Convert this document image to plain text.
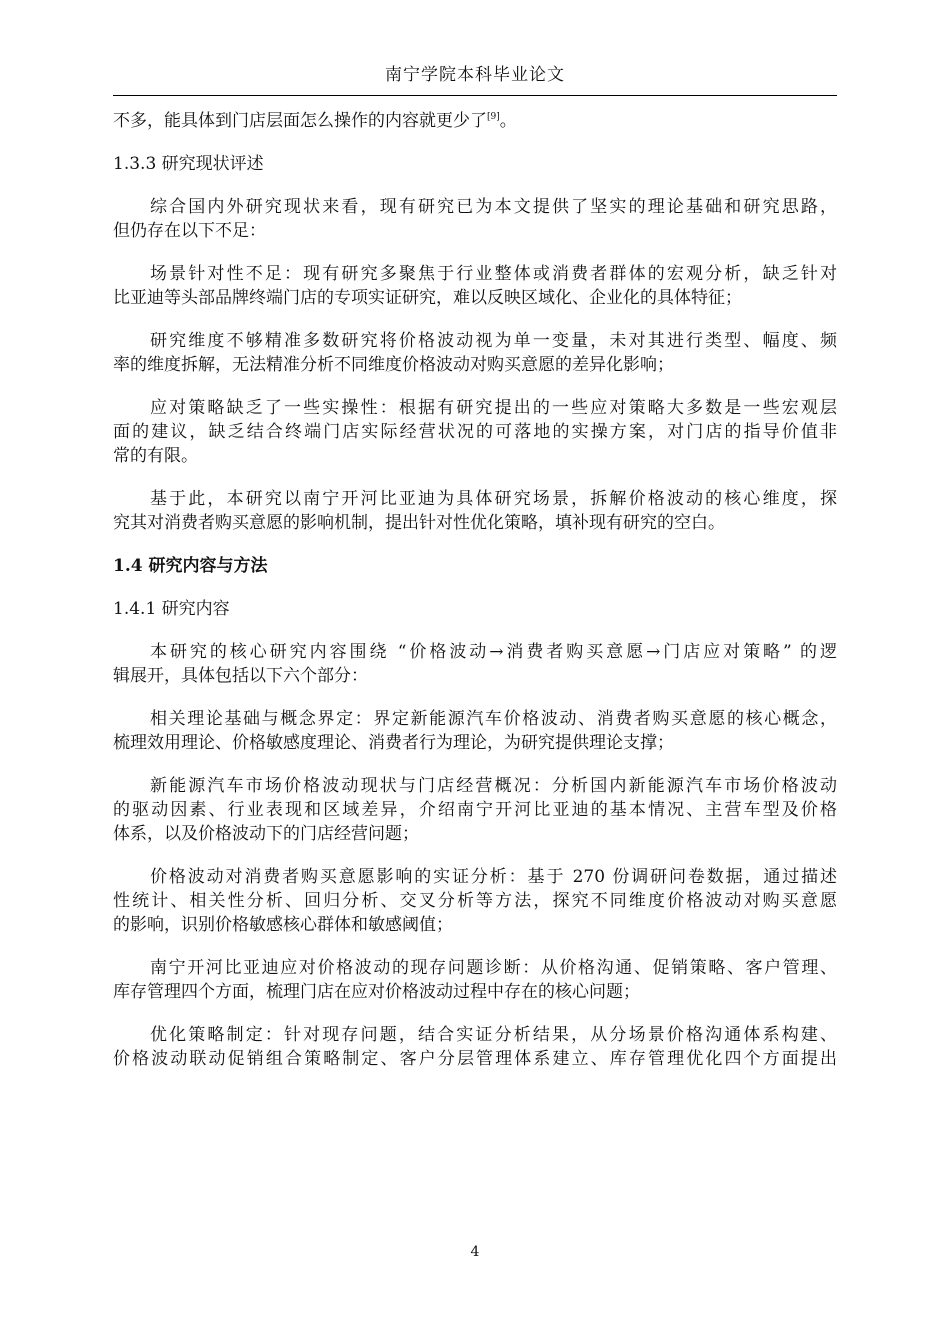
南宁学院本科毕业论文
不多，能具体到门店层面怎么操作的内容就更少了[9]。
1.3.3 研究现状评述
综合国内外研究现状来看，现有研究已为本文提供了坚实的理论基础和研究思路，
但仍存在以下不足：
场景针对性不足：现有研究多聚焦于行业整体或消费者群体的宏观分析，缺乏针对
比亚迪等头部品牌终端门店的专项实证研究，难以反映区域化、企业化的具体特征；
研究维度不够精准多数研究将价格波动视为单一变量，未对其进行类型、幅度、频
率的维度拆解，无法精准分析不同维度价格波动对购买意愿的差异化影响；
应对策略缺乏了一些实操性：根据有研究提出的一些应对策略大多数是一些宏观层
面的建议，缺乏结合终端门店实际经营状况的可落地的实操方案，对门店的指导价值非
常的有限。
基于此，本研究以南宁开河比亚迪为具体研究场景，拆解价格波动的核心维度，探
究其对消费者购买意愿的影响机制，提出针对性优化策略，填补现有研究的空白。
1.4 研究内容与方法
1.4.1 研究内容
本研究的核心研究内容围绕 “价格波动→消费者购买意愿→门店应对策略” 的逻
辑展开，具体包括以下六个部分：
相关理论基础与概念界定：界定新能源汽车价格波动、消费者购买意愿的核心概念，
梳理效用理论、价格敏感度理论、消费者行为理论，为研究提供理论支撑；
新能源汽车市场价格波动现状与门店经营概况：分析国内新能源汽车市场价格波动
的驱动因素、行业表现和区域差异，介绍南宁开河比亚迪的基本情况、主营车型及价格
体系，以及价格波动下的门店经营问题；
价格波动对消费者购买意愿影响的实证分析：基于 270 份调研问卷数据，通过描述
性统计、相关性分析、回归分析、交叉分析等方法，探究不同维度价格波动对购买意愿
的影响，识别价格敏感核心群体和敏感阈值；
南宁开河比亚迪应对价格波动的现存问题诊断：从价格沟通、促销策略、客户管理、
库存管理四个方面，梳理门店在应对价格波动过程中存在的核心问题；
优化策略制定：针对现存问题，结合实证分析结果，从分场景价格沟通体系构建、
价格波动联动促销组合策略制定、客户分层管理体系建立、库存管理优化四个方面提出
4
